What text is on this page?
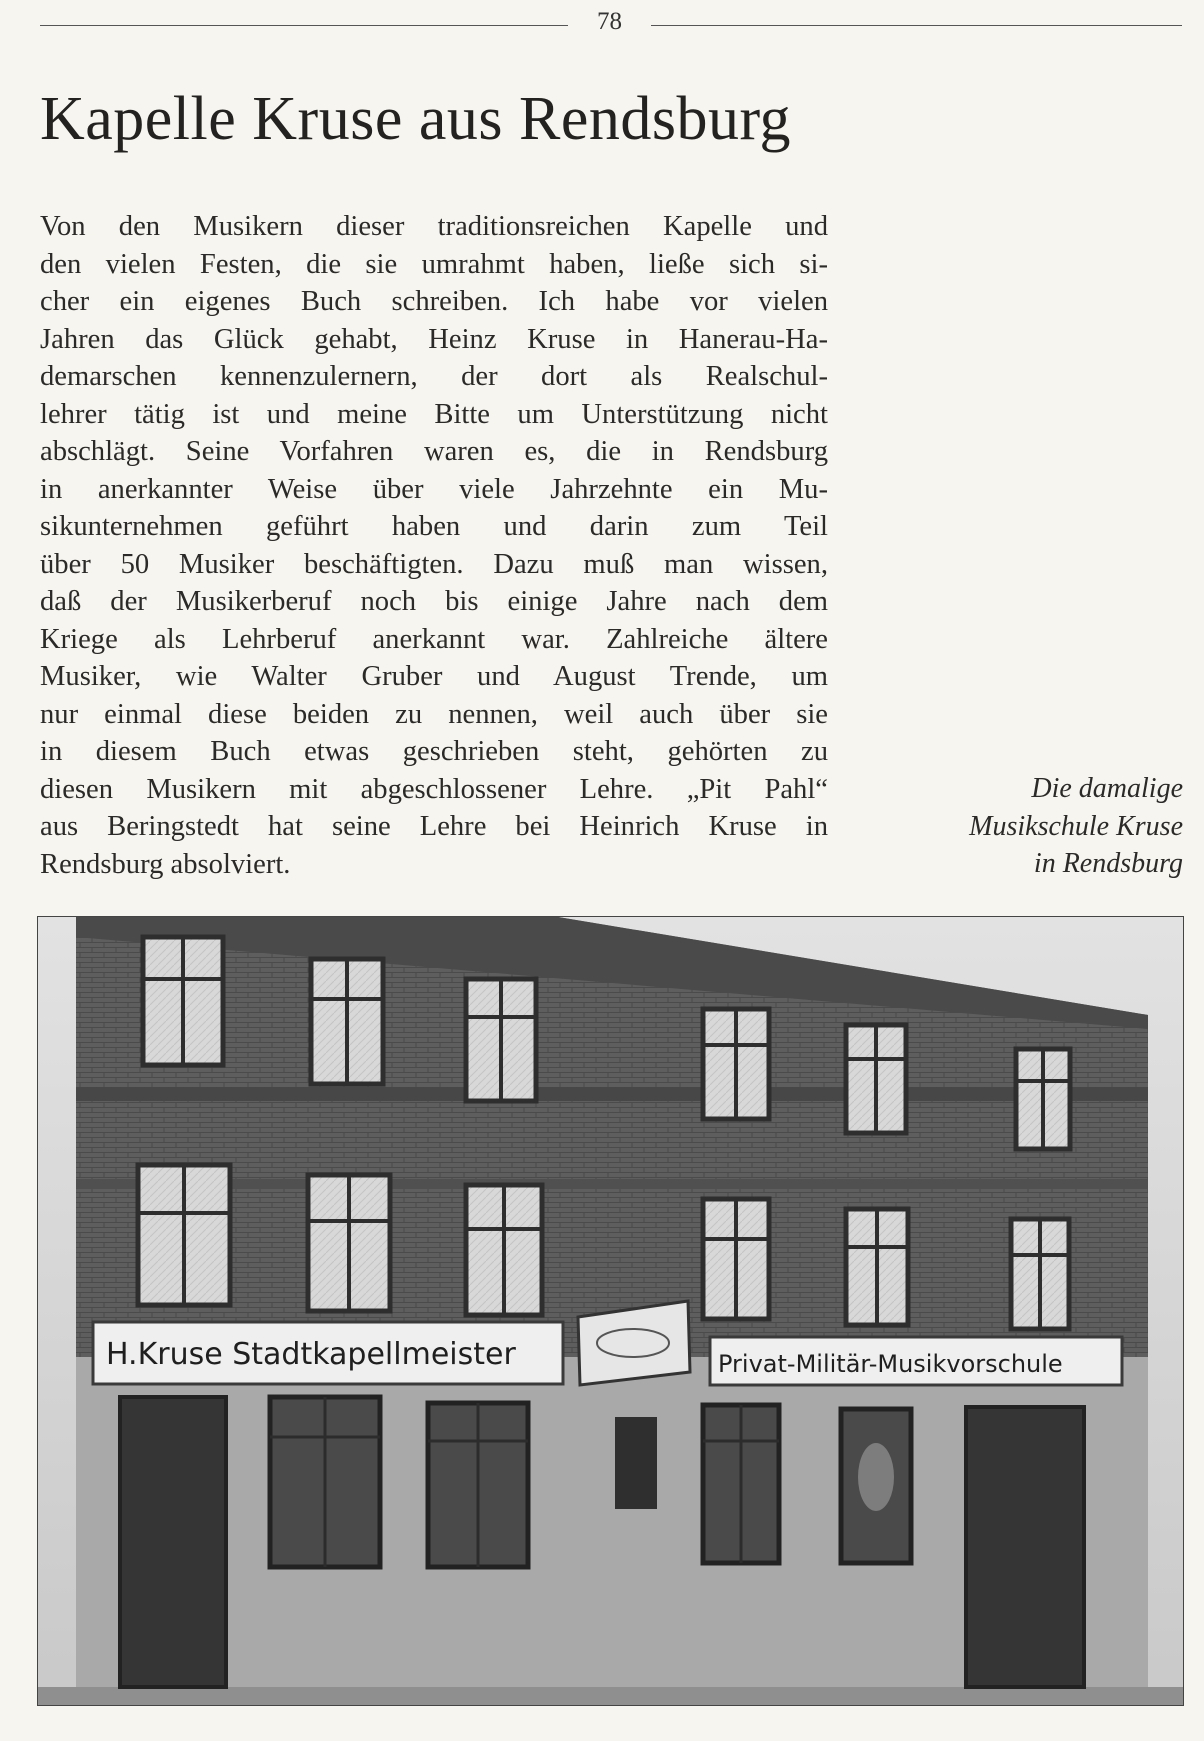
78
Kapelle Kruse aus Rendsburg
Von den Musikern dieser traditionsreichen Kapelle und
den vielen Festen, die sie umrahmt haben, ließe sich si-
cher ein eigenes Buch schreiben. Ich habe vor vielen
Jahren das Glück gehabt, Heinz Kruse in Hanerau-Ha-
demarschen kennenzulernern, der dort als Realschul-
lehrer tätig ist und meine Bitte um Unterstützung nicht
abschlägt. Seine Vorfahren waren es, die in Rendsburg
in anerkannter Weise über viele Jahrzehnte ein Mu-
sikunternehmen geführt haben und darin zum Teil
über 50 Musiker beschäftigten. Dazu muß man wissen,
daß der Musikerberuf noch bis einige Jahre nach dem
Kriege als Lehrberuf anerkannt war. Zahlreiche ältere
Musiker, wie Walter Gruber und August Trende, um
nur einmal diese beiden zu nennen, weil auch über sie
in diesem Buch etwas geschrieben steht, gehörten zu
diesen Musikern mit abgeschlossener Lehre. „Pit Pahl“
aus Beringstedt hat seine Lehre bei Heinrich Kruse in
Rendsburg absolviert.
Die damalige
Musikschule Kruse
in Rendsburg
H.Kruse Stadtkapellmeister	Privat-Militär-Musikvorschule
